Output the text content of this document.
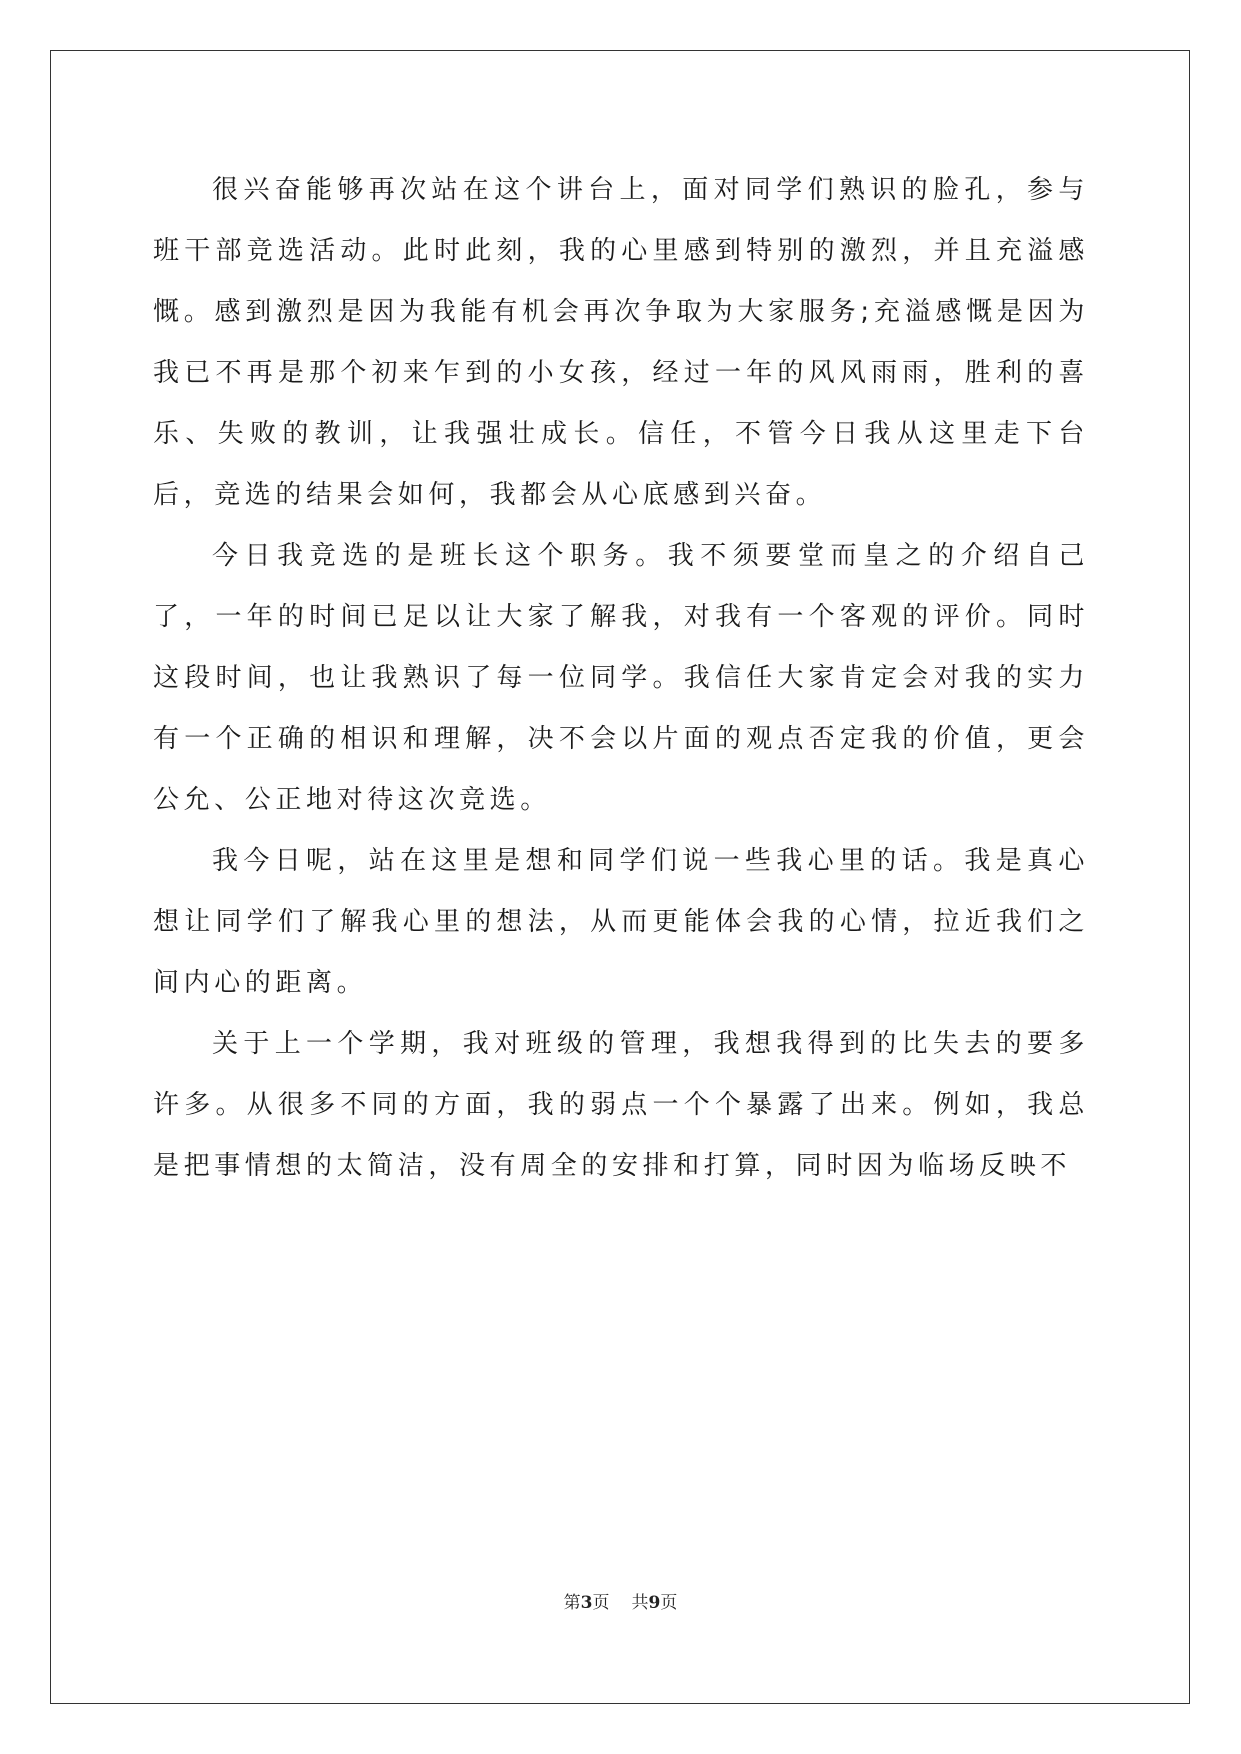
很兴奋能够再次站在这个讲台上，面对同学们熟识的脸孔，参与班干部竞选活动。此时此刻，我的心里感到特别的激烈，并且充溢感慨。感到激烈是因为我能有机会再次争取为大家服务;充溢感慨是因为我已不再是那个初来乍到的小女孩，经过一年的风风雨雨，胜利的喜乐、失败的教训，让我强壮成长。信任，不管今日我从这里走下台后，竞选的结果会如何，我都会从心底感到兴奋。

今日我竞选的是班长这个职务。我不须要堂而皇之的介绍自己了，一年的时间已足以让大家了解我，对我有一个客观的评价。同时这段时间，也让我熟识了每一位同学。我信任大家肯定会对我的实力有一个正确的相识和理解，决不会以片面的观点否定我的价值，更会公允、公正地对待这次竞选。

我今日呢，站在这里是想和同学们说一些我心里的话。我是真心想让同学们了解我心里的想法，从而更能体会我的心情，拉近我们之间内心的距离。

关于上一个学期，我对班级的管理，我想我得到的比失去的要多许多。从很多不同的方面，我的弱点一个个暴露了出来。例如，我总是把事情想的太简洁，没有周全的安排和打算，同时因为临场反映不

第3页 共9页
